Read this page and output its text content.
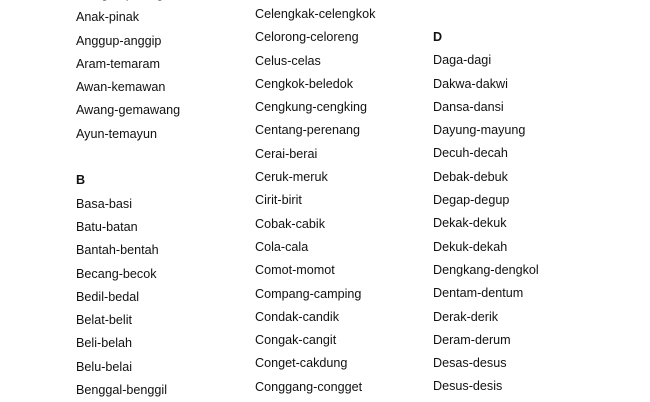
Anak-pinak
Anggup-anggip
Aram-temaram
Awan-kemawan
Awang-gemawang
Ayun-temayun
B
Basa-basi
Batu-batan
Bantah-bentah
Becang-becok
Bedil-bedal
Belat-belit
Beli-belah
Belu-belai
Benggal-benggil
Celengkak-celengkok
Celorong-celoreng
Celus-celas
Cengkok-beledok
Cengkung-cengking
Centang-perenang
Cerai-berai
Ceruk-meruk
Cirit-birit
Cobak-cabik
Cola-cala
Comot-momot
Compang-camping
Condak-candik
Congak-cangit
Conget-cakdung
Conggang-congget
D
Daga-dagi
Dakwa-dakwi
Dansa-dansi
Dayung-mayung
Decuh-decah
Debak-debuk
Degap-degup
Dekak-dekuk
Dekuk-dekah
Dengkang-dengkol
Dentam-dentum
Derak-derik
Deram-derum
Desas-desus
Desus-desis
